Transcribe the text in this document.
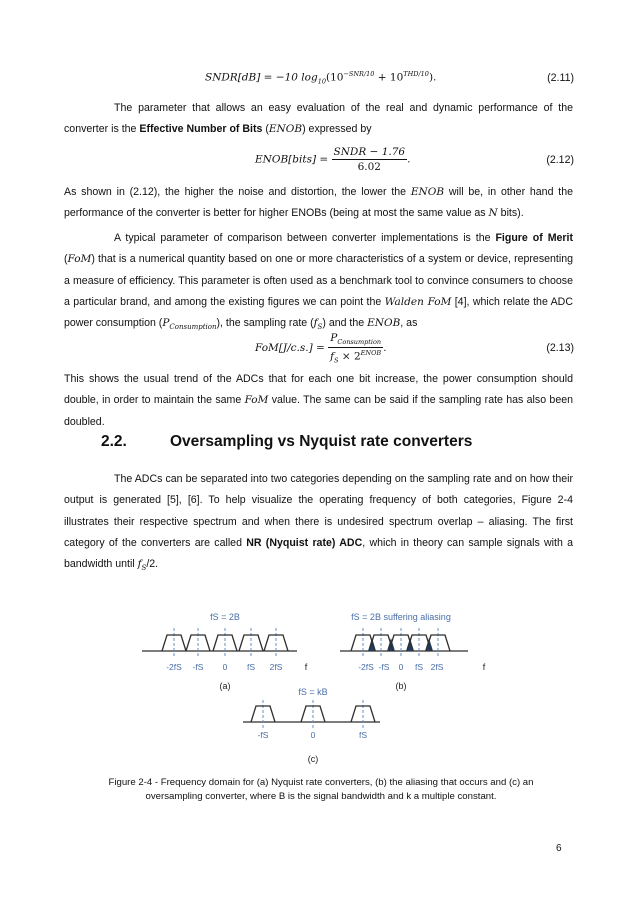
SNDR[dB] = −10 $\log_{10}(10^{-SNR/10} + 10^{THD/10})$.	(2.11)
The parameter that allows an easy evaluation of the real and dynamic performance of the converter is the Effective Number of Bits (ENOB) expressed by
ENOB[bits] = $\frac{\text{SNDR − 1.76}}{6.02}$ .	(2.12)
As shown in (2.12), the higher the noise and distortion, the lower the ENOB will be, in other hand the performance of the converter is better for higher ENOBs (being at most the same value as N bits).
A typical parameter of comparison between converter implementations is the Figure of Merit (FoM) that is a numerical quantity based on one or more characteristics of a system or device, representing a measure of efficiency. This parameter is often used as a benchmark tool to convince consumers to choose a particular brand, and among the existing figures we can point the Walden FoM [4], which relate the ADC power consumption $(P_{Consumption})$, the sampling rate $(f_S)$ and the ENOB, as
$FoM[J/c.s.] = \frac{P_{Consumption}}{f_S \times 2^{ENOB}}$ .	(2.13)
This shows the usual trend of the ADCs that for each one bit increase, the power consumption should double, in order to maintain the same FoM value. The same can be said if the sampling rate has also been doubled.
2.2.	Oversampling vs Nyquist rate converters
The ADCs can be separated into two categories depending on the sampling rate and on how their output is generated [5], [6]. To help visualize the operating frequency of both categories, Figure 2-4 illustrates their respective spectrum and when there is undesired spectrum overlap – aliasing. The first category of the converters are called NR (Nyquist rate) ADC, which in theory can sample signals with a bandwidth until $f_S/2$.
fS = 2B
-2fS -fS 0 fS 2fS f
(a)
fS = 2B suffering aliasing
-2fS -fS 0 fS 2fS	f
(b)
fS = kB
-fS	0	fS
(c)
Figure 2-4 - Frequency domain for (a) Nyquist rate converters, (b) the aliasing that occurs and (c) an oversampling converter, where B is the signal bandwidth and k a multiple constant.
6
